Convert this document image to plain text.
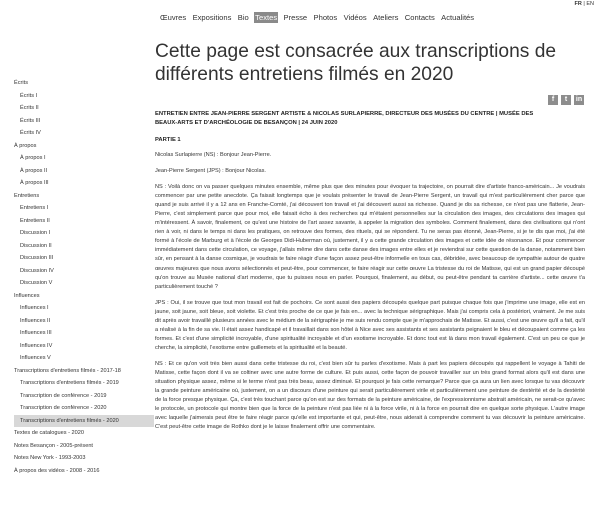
FR | EN
Œuvres Expositions Bio Textes Presse Photos Vidéos Ateliers Contacts Actualités
Cette page est consacrée aux transcriptions de différents entretiens filmés en 2020
f	t	in
Écrits
Écrits I
Écrits II
Écrits III
Écrits IV
À propos
À propos I
À propos II
À propos III
Entretiens
Entretiens I
Entretiens II
Discussion I
Discussion II
Discussion III
Discussion IV
Discussion V
Influences
Influences I
Influences II
Influences III
Influences IV
Influences V
Transcriptions d'entretiens filmés - 2017-18
Transcriptions d'entretiens filmés - 2019
Transcription de conférence - 2019
Transcription de conférence - 2020
Transcriptions d'entretiens filmés - 2020
Textes de catalogues - 2020
Notes Besançon - 2005-présent
Notes New York - 1993-2003
À propos des vidéos - 2008 - 2016
ENTRETIEN ENTRE JEAN-PIERRE SERGENT ARTISTE & NICOLAS SURLAPIERRE, DIRECTEUR DES MUSÉES DU CENTRE | MUSÉE DES BEAUX-ARTS ET D'ARCHÉOLOGIE DE BESANÇON | 24 JUIN 2020
PARTIE 1

Nicolas Surlapierre (NS) : Bonjour Jean-Pierre.

Jean-Pierre Sergent (JPS) : Bonjour Nicolas.

NS : Voilà donc on va passer quelques minutes ensemble, même plus que des minutes pour évoquer ta trajectoire, on pourrait dire d'artiste franco-américain... Je voudrais commencer par une petite anecdote. Ça faisait longtemps que je voulais présenter le travail de Jean-Pierre Sergent, un travail qui m'est particulièrement cher parce que quand je suis arrivé il y a 12 ans en Franche-Comté, j'ai découvert ton travail et j'ai découvert aussi sa richesse. Quand je dis sa richesse, ce n'est pas une flatterie, Jean-Pierre, c'est simplement parce que pour moi, elle faisait écho à des recherches qui m'étaient personnelles sur la circulation des images, des circulations des images qui m'intéressent. À savoir, finalement, ce qu'est une histoire de l'art assez savante, à appeler la migration des symboles. Comment finalement, dans des civilisations qui n'ont rien à voir, ni dans le temps ni dans les pratiques, on retrouve des formes, des rituels, qui se répondent. Tu ne seras pas étonné, Jean-Pierre, si je te dis que moi, j'ai été formé à l'école de Marburg et à l'école de Georges Didi-Huberman où, justement, il y a cette grande circulation des images et cette idée de résonance. Et pour commencer immédiatement dans cette circulation, ce voyage, j'allais même dire dans cette danse des images entre elles et je reviendrai sur cette question de la danse, notamment bien sûr, en pensant à la danse cosmique, je voudrais te faire réagir d'une façon assez peut-être informelle en tous cas, débridée, avec beaucoup de sympathie autour de quatre œuvres majeures que nous avons sélectionnés et peut-être, pour commencer, te faire réagir sur cette œuvre La tristesse du roi de Matisse, qui est un grand papier découpé qu'on trouve au Musée national d'art moderne, que tu puisses nous en parler. Pourquoi, finalement, au début, ou peut-être pendant ta carrière d'artiste... cette œuvre t'a particulièrement touché ?

JPS : Oui, il se trouve que tout mon travail est fait de pochoirs. Ce sont aussi des papiers découpés quelque part puisque chaque fois que j'imprime une image, elle est en jaune, soit jaune, soit bleue, soit violette. Et c'est très proche de ce que je fais en... avec la technique sérigraphique. Mais j'ai compris cela à postériori, vraiment. Je me suis dit après avoir travaillé plusieurs années avec le médium de la sérigraphie je me suis rendu compte que je m'approchais de Matisse. Et aussi, c'est une œuvre qu'il a fait, qu'il a réalisé à la fin de sa vie. Il était assez handicapé et il travaillait dans son hôtel à Nice avec ses assistants et ses assistants peignaient le bleu et découpaient comme ça les formes. Et c'est d'une simplicité incroyable, d'une spiritualité incroyable et d'un exotisme incroyable. Et donc tout est là dans mon travail également. C'est un peu ce que je cherche, la simplicité, l'exotisme entre guillemets et la spiritualité et la beauté.

NS : Et ce qu'on voit très bien aussi dans cette tristesse du roi, c'est bien sûr tu parles d'exotisme. Mais à part les papiers découpés qui rappellent le voyage à Tahiti de Matisse, cette façon dont il va se coltiner avec une autre forme de culture. Et puis aussi, cette façon de pouvoir travailler sur un très grand format alors qu'il est dans une situation physique assez, même si le terme n'est pas très beau, assez diminué. Et pourquoi je fais cette remarque? Parce que ça aura un lien avec lorsque tu vas découvrir la grande peinture américaine où, justement, on a un discours d'une peinture qui serait particulièrement virile et particulièrement une peinture de dextérité et de la dextérité de la force presque physique. Ça, c'est très touchant parce qu'on est sur des formats de la peinture américaine, de l'expressionnisme abstrait américain, ne serait-ce qu'avec le protocole, un protocole qui montre bien que la force de la peinture n'est pas liée ni à la force virile, ni à la force en pourrait dire en quelque sorte physique. L'autre image avec laquelle j'aimerais peut être te faire réagir parce qu'elle est importante et qui, peut-être, nous aiderait à comprendre comment tu vas découvrir la peinture américaine. C'est peut-être cette image de Rothko dont je le laisse finalement offrir une commentaire.
